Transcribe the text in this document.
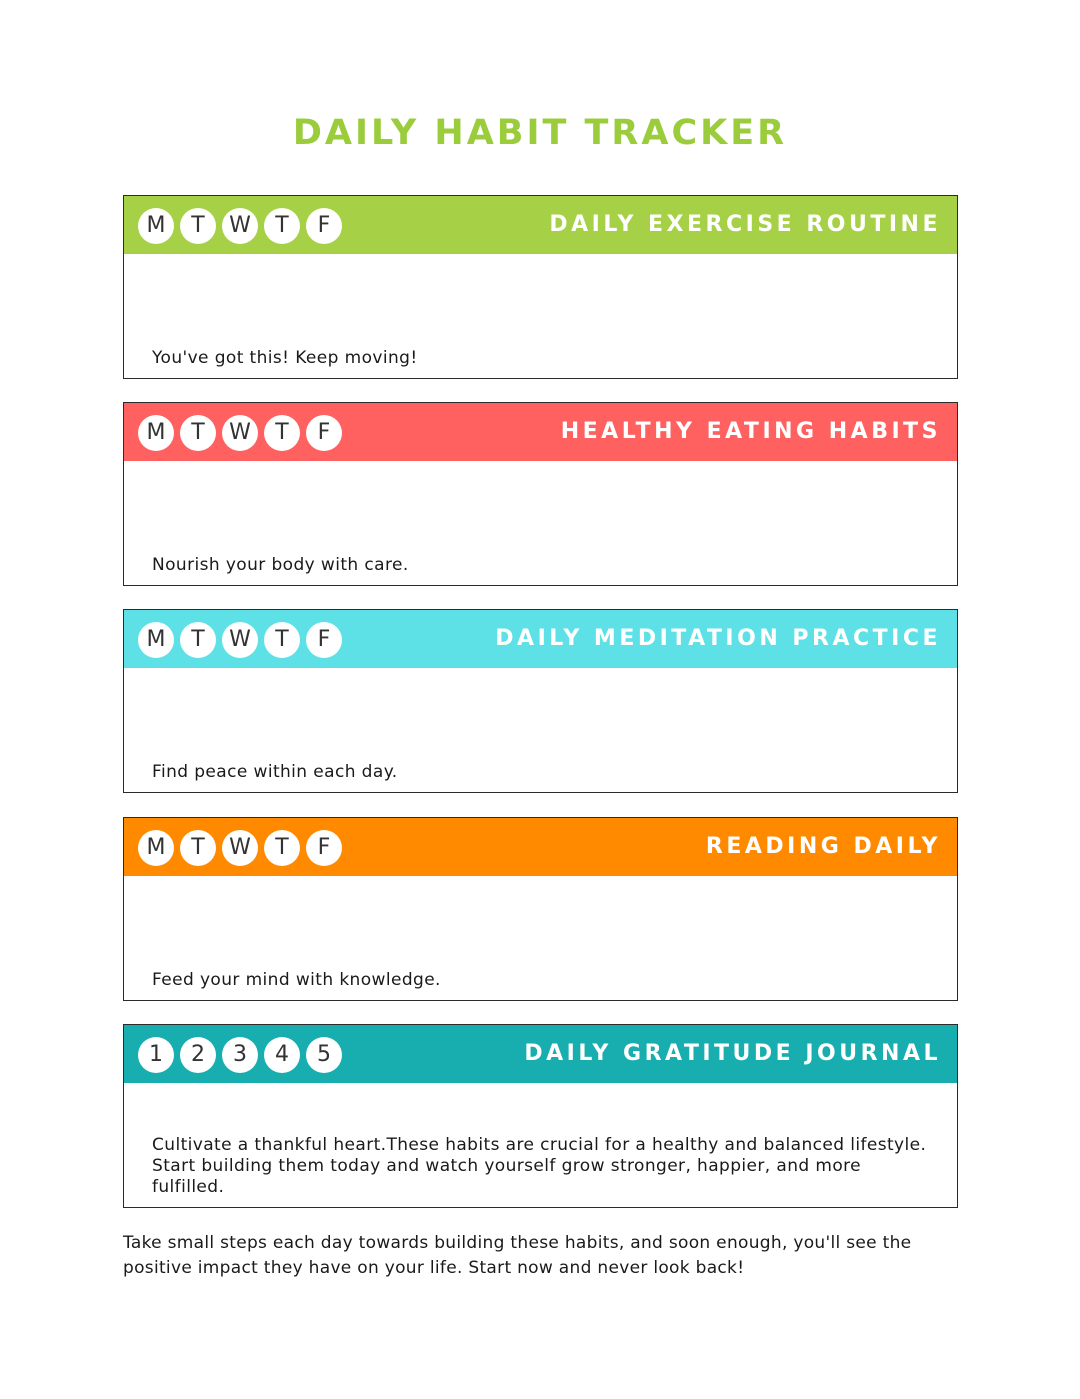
DAILY HABIT TRACKER
M	T	W	T	F	DAILY EXERCISE ROUTINE
You've got this! Keep moving!
M	T	W	T	F	HEALTHY EATING HABITS
Nourish your body with care.
M	T	W	T	F	DAILY MEDITATION PRACTICE
Find peace within each day.
M	T	W	T	F	READING DAILY
Feed your mind with knowledge.
1	2	3	4	5	DAILY GRATITUDE JOURNAL
Cultivate a thankful heart.These habits are crucial for a healthy and balanced lifestyle. Start building them today and watch yourself grow stronger, happier, and more fulfilled.
Take small steps each day towards building these habits, and soon enough, you'll see the positive impact they have on your life. Start now and never look back!
